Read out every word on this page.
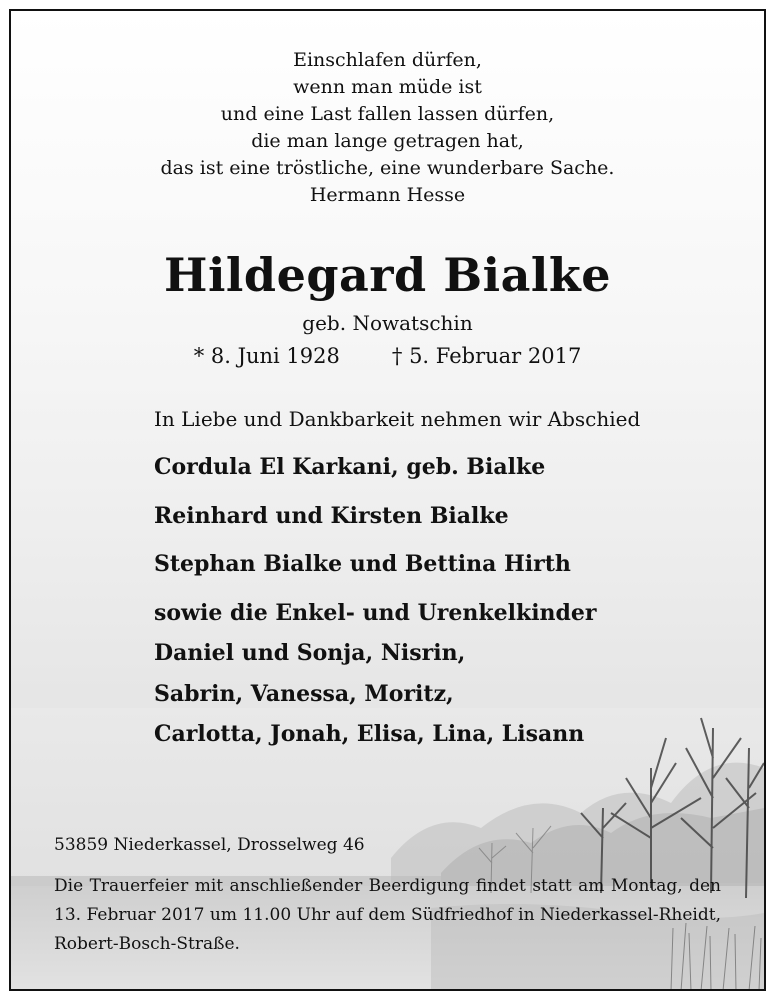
Einschlafen dürfen,
wenn man müde ist
und eine Last fallen lassen dürfen,
die man lange getragen hat,
das ist eine tröstliche, eine wunderbare Sache.
Hermann Hesse
Hildegard Bialke
geb. Nowatschin
* 8. Juni 1928 † 5. Februar 2017
In Liebe und Dankbarkeit nehmen wir Abschied
Cordula El Karkani, geb. Bialke
Reinhard und Kirsten Bialke
Stephan Bialke und Bettina Hirth
sowie die Enkel- und Urenkelkinder
Daniel und Sonja, Nisrin,
Sabrin, Vanessa, Moritz,
Carlotta, Jonah, Elisa, Lina, Lisann
53859 Niederkassel, Drosselweg 46
Die Trauerfeier mit anschließender Beerdigung findet statt am Montag, den
13. Februar 2017 um 11.00 Uhr auf dem Südfriedhof in Niederkassel-Rheidt,
Robert-Bosch-Straße.
